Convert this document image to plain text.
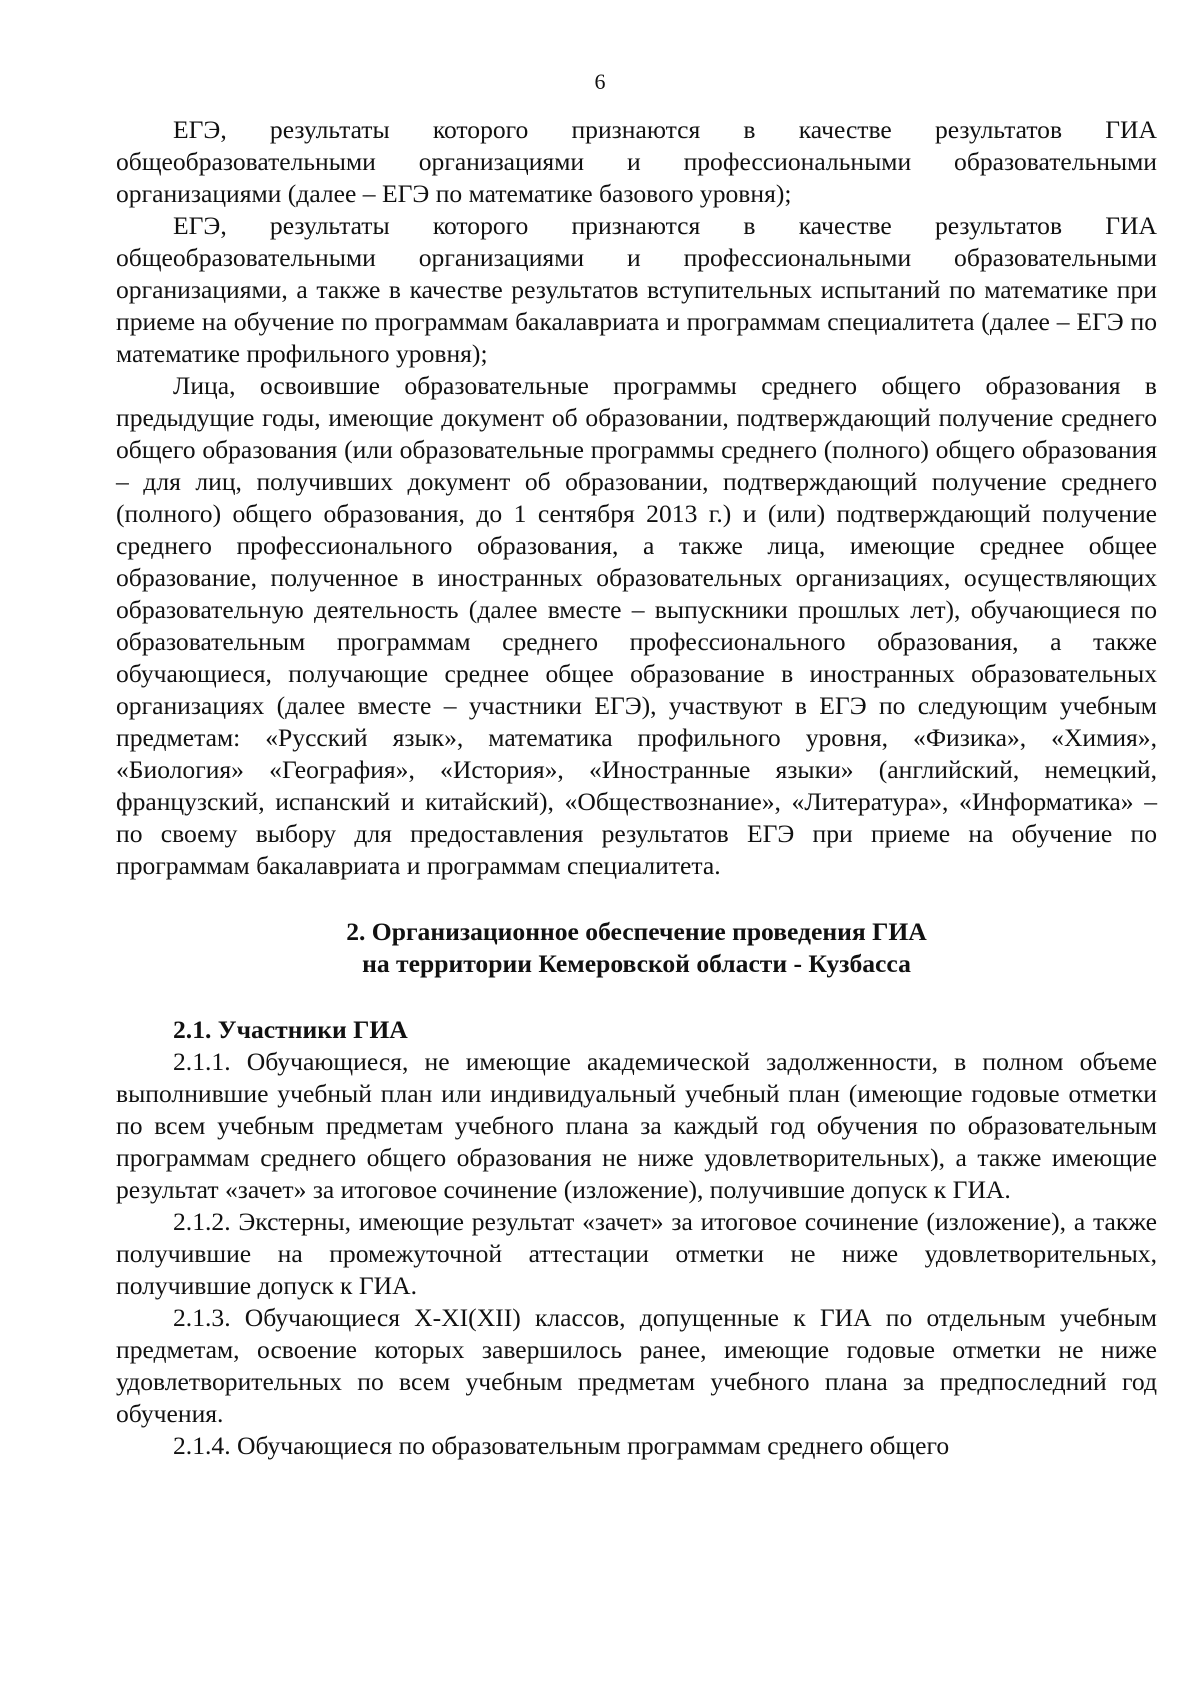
6

ЕГЭ, результаты которого признаются в качестве результатов ГИА общеобразовательными организациями и профессиональными образовательными организациями (далее – ЕГЭ по математике базового уровня);

ЕГЭ, результаты которого признаются в качестве результатов ГИА общеобразовательными организациями и профессиональными образовательными организациями, а также в качестве результатов вступительных испытаний по математике при приеме на обучение по программам бакалавриата и программам специалитета (далее – ЕГЭ по математике профильного уровня);

Лица, освоившие образовательные программы среднего общего образования в предыдущие годы, имеющие документ об образовании, подтверждающий получение среднего общего образования (или образовательные программы среднего (полного) общего образования – для лиц, получивших документ об образовании, подтверждающий получение среднего (полного) общего образования, до 1 сентября 2013 г.) и (или) подтверждающий получение среднего профессионального образования, а также лица, имеющие среднее общее образование, полученное в иностранных образовательных организациях, осуществляющих образовательную деятельность (далее вместе – выпускники прошлых лет), обучающиеся по образовательным программам среднего профессионального образования, а также обучающиеся, получающие среднее общее образование в иностранных образовательных организациях (далее вместе – участники ЕГЭ), участвуют в ЕГЭ по следующим учебным предметам: «Русский язык», математика профильного уровня, «Физика», «Химия», «Биология» «География», «История», «Иностранные языки» (английский, немецкий, французский, испанский и китайский), «Обществознание», «Литература», «Информатика» – по своему выбору для предоставления результатов ЕГЭ при приеме на обучение по программам бакалавриата и программам специалитета.

2. Организационное обеспечение проведения ГИА
на территории Кемеровской области - Кузбасса
2.1. Участники ГИА

2.1.1. Обучающиеся, не имеющие академической задолженности, в полном объеме выполнившие учебный план или индивидуальный учебный план (имеющие годовые отметки по всем учебным предметам учебного плана за каждый год обучения по образовательным программам среднего общего образования не ниже удовлетворительных), а также имеющие результат «зачет» за итоговое сочинение (изложение), получившие допуск к ГИА.

2.1.2. Экстерны, имеющие результат «зачет» за итоговое сочинение (изложение), а также получившие на промежуточной аттестации отметки не ниже удовлетворительных, получившие допуск к ГИА.

2.1.3. Обучающиеся X-XI(XII) классов, допущенные к ГИА по отдельным учебным предметам, освоение которых завершилось ранее, имеющие годовые отметки не ниже удовлетворительных по всем учебным предметам учебного плана за предпоследний год обучения.

2.1.4. Обучающиеся по образовательным программам среднего общего
